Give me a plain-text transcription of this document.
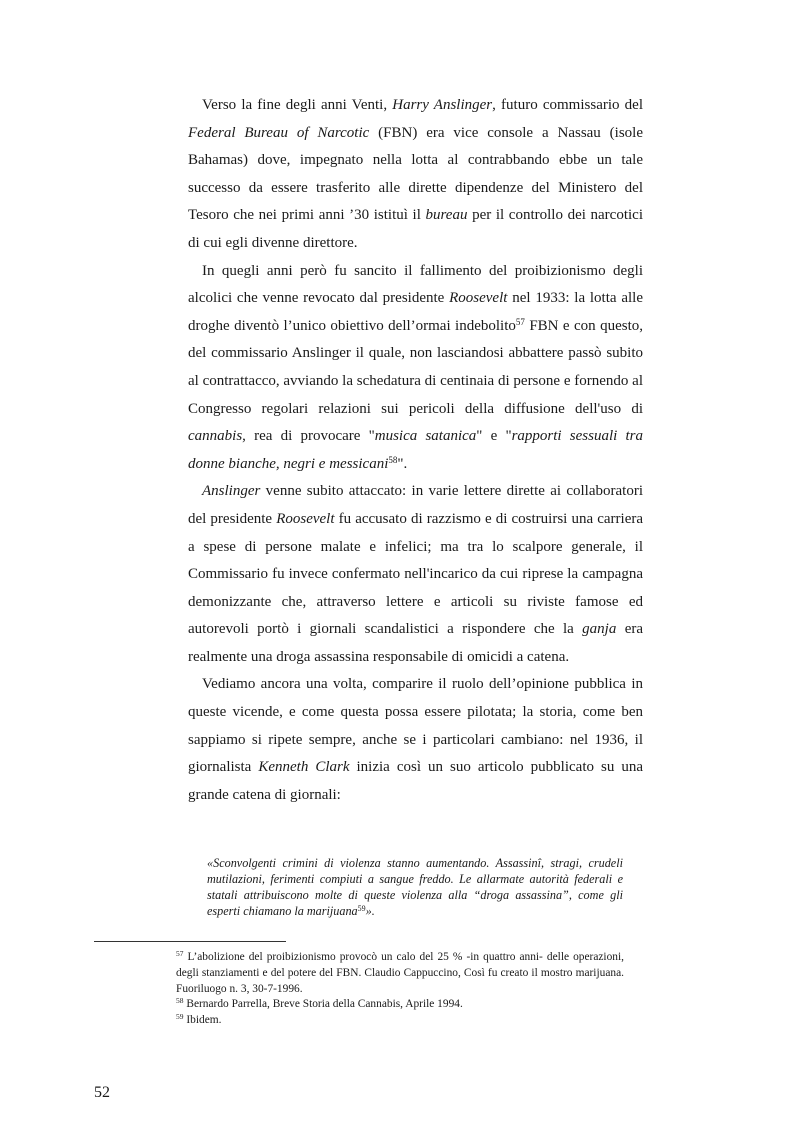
Verso la fine degli anni Venti, Harry Anslinger, futuro commissario del Federal Bureau of Narcotic (FBN) era vice console a Nassau (isole Bahamas) dove, impegnato nella lotta al contrabbando ebbe un tale successo da essere trasferito alle dirette dipendenze del Ministero del Tesoro che nei primi anni ’30 istituì il bureau per il controllo dei narcotici di cui egli divenne direttore.

In quegli anni però fu sancito il fallimento del proibizionismo degli alcolici che venne revocato dal presidente Roosevelt nel 1933: la lotta alle droghe diventò l’unico obiettivo dell’ormai indebolito$^{57}$ FBN e con questo, del commissario Anslinger il quale, non lasciandosi abbattere passò subito al contrattacco, avviando la schedatura di centinaia di persone e fornendo al Congresso regolari relazioni sui pericoli della diffusione dell'uso di cannabis, rea di provocare "musica satanica" e "rapporti sessuali tra donne bianche, negri e messicani$^{58}$".

Anslinger venne subito attaccato: in varie lettere dirette ai collaboratori del presidente Roosevelt fu accusato di razzismo e di costruirsi una carriera a spese di persone malate e infelici; ma tra lo scalpore generale, il Commissario fu invece confermato nell'incarico da cui riprese la campagna demonizzante che, attraverso lettere e articoli su riviste famose ed autorevoli portò i giornali scandalistici a rispondere che la ganja era realmente una droga assassina responsabile di omicidi a catena.

Vediamo ancora una volta, comparire il ruolo dell’opinione pubblica in queste vicende, e come questa possa essere pilotata; la storia, come ben sappiamo si ripete sempre, anche se i particolari cambiano: nel 1936, il giornalista Kenneth Clark inizia così un suo articolo pubblicato su una grande catena di giornali:

«Sconvolgenti crimini di violenza stanno aumentando. Assassinî, stragi, crudeli mutilazioni, ferimenti compiuti a sangue freddo. Le allarmate autorità federali e statali attribuiscono molte di queste violenza alla “droga assassina”, come gli esperti chiamano la marijuana$^{59}$».

$^{57}$ L’abolizione del proibizionismo provocò un calo del 25 % -in quattro anni- delle operazioni, degli stanziamenti e del potere del FBN. Claudio Cappuccino, Così fu creato il mostro marijuana. Fuoriluogo n. 3, 30-7-1996.

$^{58}$ Bernardo Parrella, Breve Storia della Cannabis, Aprile 1994.

$^{59}$ Ibidem.

52
